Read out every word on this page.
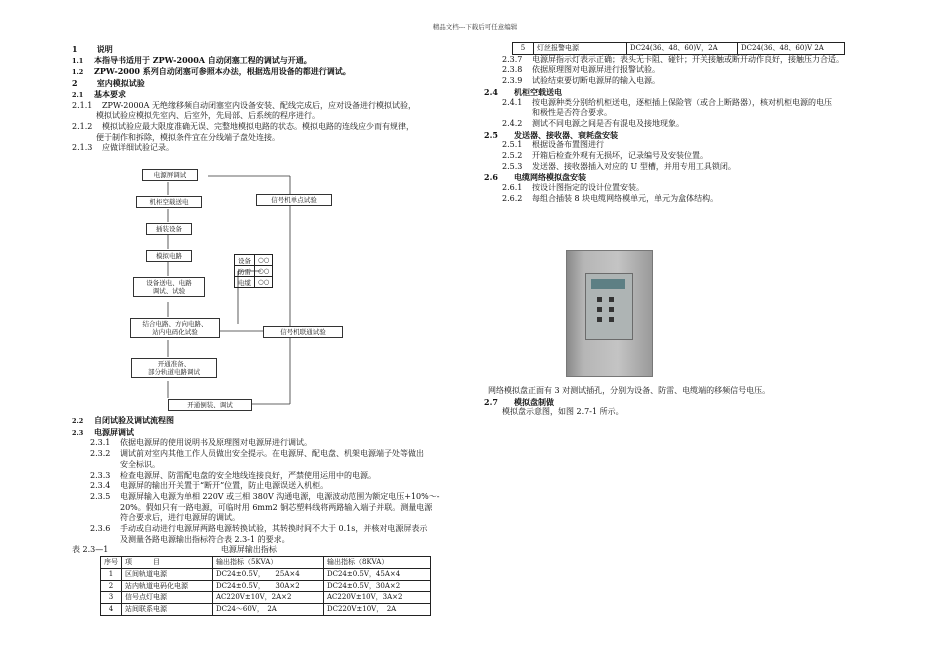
精品文档---下载后可任意编辑
1 说明
1.1 本指导书适用于 ZPW-2000A 自动闭塞工程的调试与开通。
1.2 ZPW-2000 系列自动闭塞可参照本办法，根据选用设备的都进行调试。
2 室内模拟试验
2.1 基本要求
2.1.1 ZPW-2000A 无绝缘移频自动闭塞室内设备安装、配线完成后，应对设备进行模拟试验，
模拟试验应模拟先室内、后室外，先局部、后系统的程序进行。
2.1.2 模拟试验应最大限度准确无误、完整地模拟电路的状态。模拟电路的连线应少而有规律，
便于制作和拆除，模拟条件宜在分线端子盘处连接。
2.1.3 应做详细试验记录。
电源屏调试
机柜空载送电
插装设备
模拟电路
设备送电、电路
调试、试验
结合电路、方向电路、
站内电码化试验
开通准备、
部分轨道电路调试
开通倒装、调试
信号机单点试验
信号机联通试验
设备	○○
防雷	○○
电缆	○○
2.2 自闭试验及调试流程图
2.3 电源屏调试
2.3.1 依据电源屏的使用说明书及原理图对电源屏进行调试。
2.3.2 调试前对室内其他工作人员做出安全提示。在电源屏、配电盘、机架电源端子处等做出
安全标识。
2.3.3 检查电源屏、防雷配电盘的安全地线连接良好，严禁使用运用中的电源。
2.3.4 电源屏的输出开关置于“断开”位置，防止电源误送入机柜。
2.3.5 电源屏输入电源为单相 220V 或三相 380V 沟通电源，电源波动范围为额定电压+10%～-
20%。假如只有一路电源，可临时用 6mm2 铜芯塑料线将两路输入端子并联。测量电源
符合要求后，进行电源屏的调试。
2.3.6 手动或自动进行电源屏两路电源转换试验，其转换时间不大于 0.1s，并核对电源屏表示
及测量各路电源输出指标符合表 2.3-1 的要求。
表 2.3—1	电源屏输出指标
序号	项　　　目	输出指标（5KVA）	输出指标（8KVA）
1	区间轨道电源	DC24±0.5V，　　25A×4	DC24±0.5V，45A×4
2	站内轨道电码化电源	DC24±0.5V，　　30A×2	DC24±0.5V，30A×2
3	信号点灯电源	AC220V±10V，2A×2	AC220V±10V，3A×2
4	站间联系电源	DC24～60V，　2A	DC220V±10V，　2A
5	灯丝报警电源	DC24(36、48、60)V，2A	DC24(36、48、60)V 2A
2.3.7 电源屏指示灯表示正确；表头无卡阻、碰针；开关接触或断开动作良好，接触压力合适。
2.3.8 依据原理图对电源屏进行报警试验。
2.3.9 试验结束要切断电源屏的输入电源。
2.4 机柜空载送电
2.4.1 按电源种类分别给机柜送电，逐柜插上保险管（或合上断路器），核对机柜电源的电压
和极性是否符合要求。
2.4.2 测试不同电源之间是否有混电及接地现象。
2.5 发送器、接收器、衰耗盘安装
2.5.1 根据设备布置图进行
2.5.2 开箱后检查外观有无损坏，记录编号及安装位置。
2.5.3 发送器、接收器插入对应的 U 型槽，并用专用工具锁闭。
2.6 电缆网络模拟盘安装
2.6.1 按设计图指定的设计位置安装。
2.6.2 每组合插装 8 块电缆网络模单元，单元为盒体结构。
网络模拟盘正面有 3 对测试插孔，分别为设备、防雷、电缆端的移频信号电压。
2.7 模拟盘制做
模拟盘示意图，如图 2.7-1 所示。
